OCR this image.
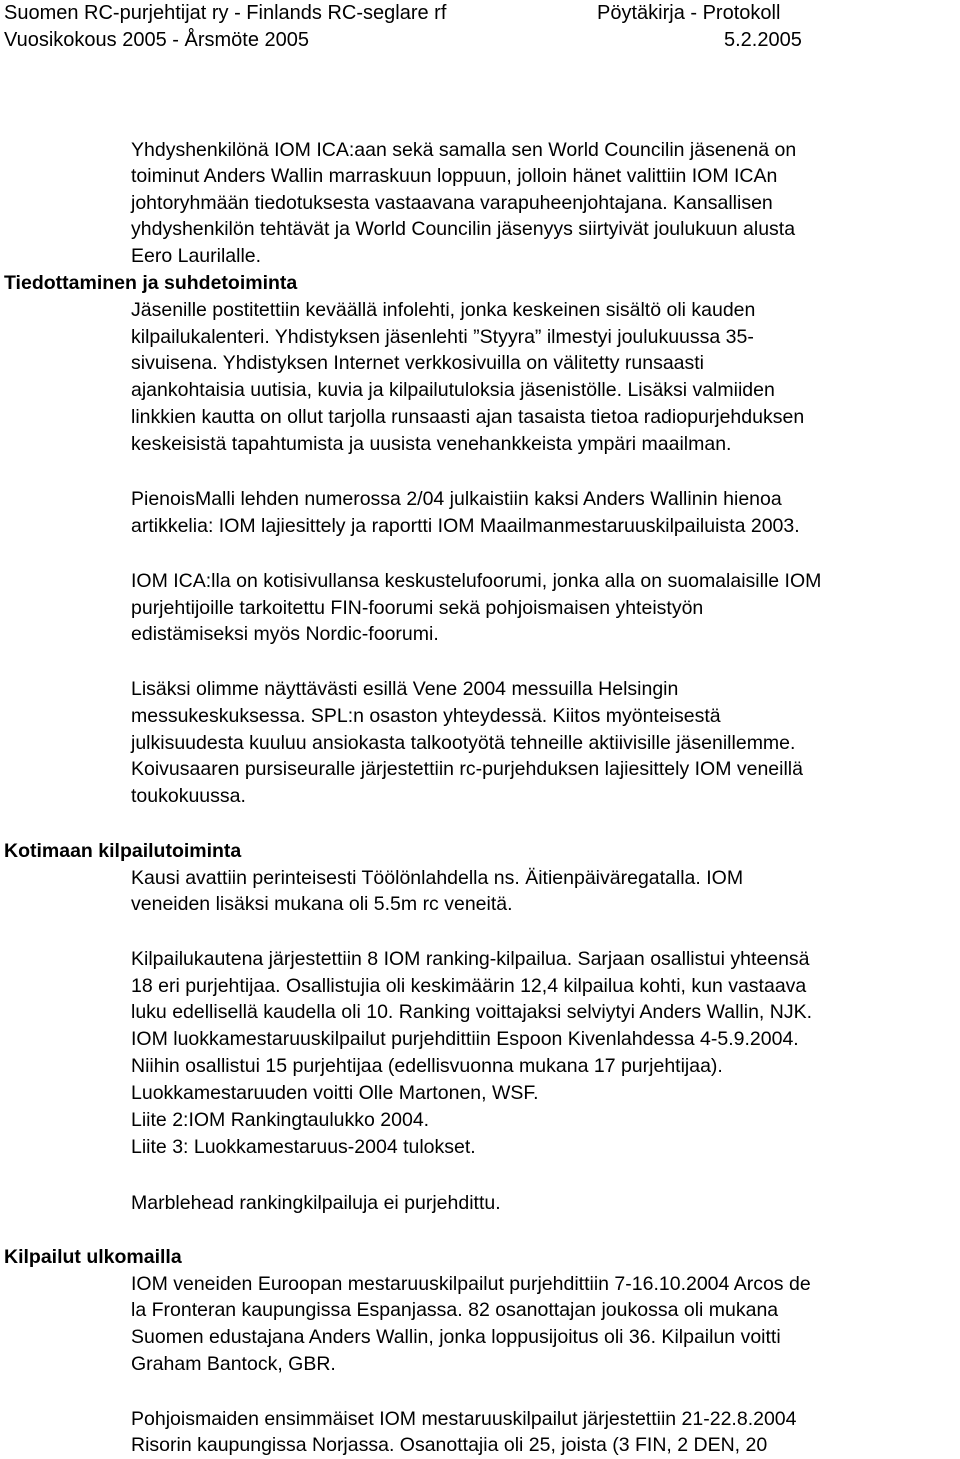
Suomen RC-purjehtijat ry - Finlands RC-seglare rf	Pöytäkirja - Protokoll
Vuosikokous 2005 - Årsmöte 2005	5.2.2005
Yhdyshenkilönä IOM ICA:aan sekä samalla sen World Councilin jäsenenä on
toiminut Anders Wallin marraskuun loppuun, jolloin hänet valittiin IOM ICAn
johtoryhmään tiedotuksesta vastaavana varapuheenjohtajana. Kansallisen
yhdyshenkilön tehtävät ja World Councilin jäsenyys siirtyivät joulukuun alusta
Eero Laurilalle.
Tiedottaminen ja suhdetoiminta
Jäsenille postitettiin keväällä infolehti, jonka keskeinen sisältö oli kauden
kilpailukalenteri. Yhdistyksen jäsenlehti ”Styyra” ilmestyi joulukuussa 35-
sivuisena. Yhdistyksen Internet verkkosivuilla on välitetty runsaasti
ajankohtaisia uutisia, kuvia ja kilpailutuloksia jäsenistölle. Lisäksi valmiiden
linkkien kautta on ollut tarjolla runsaasti ajan tasaista tietoa radiopurjehduksen
keskeisistä tapahtumista ja uusista venehankkeista ympäri maailman.
PienoisMalli lehden numerossa 2/04 julkaistiin kaksi Anders Wallinin hienoa
artikkelia: IOM lajiesittely ja raportti IOM Maailmanmestaruuskilpailuista 2003.
IOM ICA:lla on kotisivullansa keskustelufoorumi, jonka alla on suomalaisille IOM
purjehtijoille tarkoitettu FIN-foorumi sekä pohjoismaisen yhteistyön
edistämiseksi myös Nordic-foorumi.
Lisäksi olimme näyttävästi esillä Vene 2004 messuilla Helsingin
messukeskuksessa. SPL:n osaston yhteydessä. Kiitos myönteisestä
julkisuudesta kuuluu ansiokasta talkootyötä tehneille aktiivisille jäsenillemme.
Koivusaaren pursiseuralle järjestettiin rc-purjehduksen lajiesittely IOM veneillä
toukokuussa.
Kotimaan kilpailutoiminta
Kausi avattiin perinteisesti Töölönlahdella ns. Äitienpäiväregatalla. IOM
veneiden lisäksi mukana oli 5.5m rc veneitä.
Kilpailukautena järjestettiin 8 IOM ranking-kilpailua. Sarjaan osallistui yhteensä
18 eri purjehtijaa. Osallistujia oli keskimäärin 12,4 kilpailua kohti, kun vastaava
luku edellisellä kaudella oli 10. Ranking voittajaksi selviytyi Anders Wallin, NJK.
IOM luokkamestaruuskilpailut purjehdittiin Espoon Kivenlahdessa 4-5.9.2004.
Niihin osallistui 15 purjehtijaa (edellisvuonna mukana 17 purjehtijaa).
Luokkamestaruuden voitti Olle Martonen, WSF.
Liite 2:IOM Rankingtaulukko 2004.
Liite 3: Luokkamestaruus-2004 tulokset.
Marblehead rankingkilpailuja ei purjehdittu.
Kilpailut ulkomailla
IOM veneiden Euroopan mestaruuskilpailut purjehdittiin 7-16.10.2004 Arcos de
la Fronteran kaupungissa Espanjassa. 82 osanottajan joukossa oli mukana
Suomen edustajana Anders Wallin, jonka loppusijoitus oli 36. Kilpailun voitti
Graham Bantock, GBR.
Pohjoismaiden ensimmäiset IOM mestaruuskilpailut järjestettiin 21-22.8.2004
Risorin kaupungissa Norjassa. Osanottajia oli 25, joista (3 FIN, 2 DEN, 20
